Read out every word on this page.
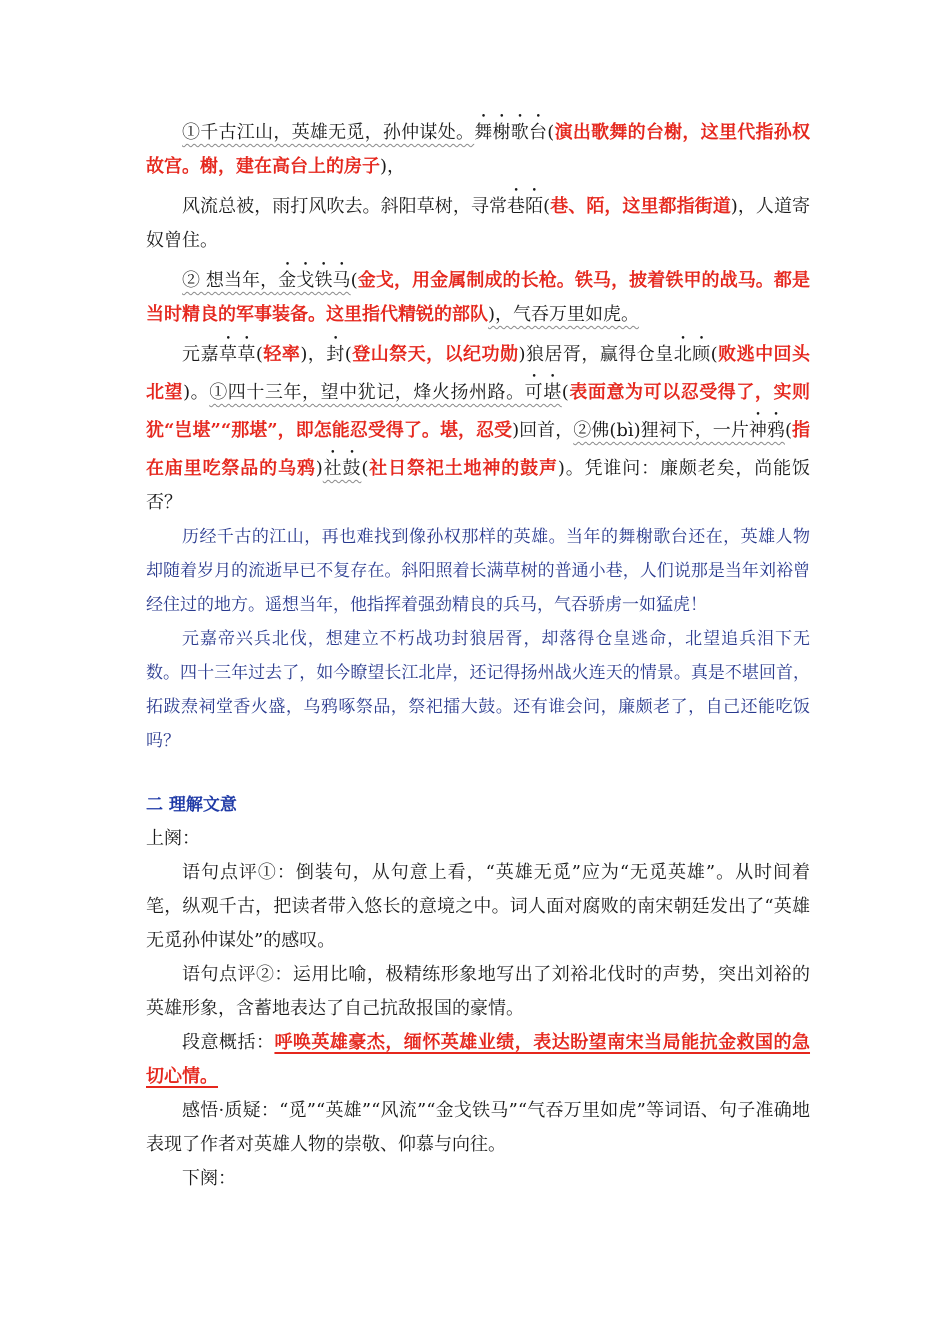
①千古江山，英雄无觅，孙仲谋处。舞榭歌台(演出歌舞的台榭，这里代指孙权故宫。榭，建在高台上的房子)，

风流总被，雨打风吹去。斜阳草树，寻常巷陌(巷、陌，这里都指街道)，人道寄奴曾住。

② 想当年，金戈铁马(金戈，用金属制成的长枪。铁马，披着铁甲的战马。都是当时精良的军事装备。这里指代精锐的部队)，气吞万里如虎。

元嘉草草(轻率)，封(登山祭天，以纪功勋)狼居胥，赢得仓皇北顾(败逃中回头北望)。①四十三年，望中犹记，烽火扬州路。可堪(表面意为可以忍受得了，实则犹“岂堪”“那堪”，即怎能忍受得了。堪，忍受)回首，②佛(bì)狸祠下，一片神鸦(指在庙里吃祭品的乌鸦)社鼓(社日祭祀土地神的鼓声)。凭谁问：廉颇老矣，尚能饭否？

历经千古的江山，再也难找到像孙权那样的英雄。当年的舞榭歌台还在，英雄人物却随着岁月的流逝早已不复存在。斜阳照着长满草树的普通小巷，人们说那是当年刘裕曾经住过的地方。遥想当年，他指挥着强劲精良的兵马，气吞骄虏一如猛虎！

元嘉帝兴兵北伐，想建立不朽战功封狼居胥，却落得仓皇逃命，北望追兵泪下无数。四十三年过去了，如今瞭望长江北岸，还记得扬州战火连天的情景。真是不堪回首，拓跋焘祠堂香火盛，乌鸦啄祭品，祭祀擂大鼓。还有谁会问，廉颇老了，自己还能吃饭吗？

二 理解文意

上阕：

语句点评①：倒装句，从句意上看，“英雄无觅”应为“无觅英雄”。从时间着笔，纵观千古，把读者带入悠长的意境之中。词人面对腐败的南宋朝廷发出了“英雄无觅孙仲谋处”的感叹。

语句点评②：运用比喻，极精练形象地写出了刘裕北伐时的声势，突出刘裕的英雄形象，含蓄地表达了自己抗敌报国的豪情。

段意概括：呼唤英雄豪杰，缅怀英雄业绩，表达盼望南宋当局能抗金救国的急切心情。

感悟·质疑：“觅”“英雄”“风流”“金戈铁马”“气吞万里如虎”等词语、句子准确地表现了作者对英雄人物的崇敬、仰慕与向往。

下阕：
